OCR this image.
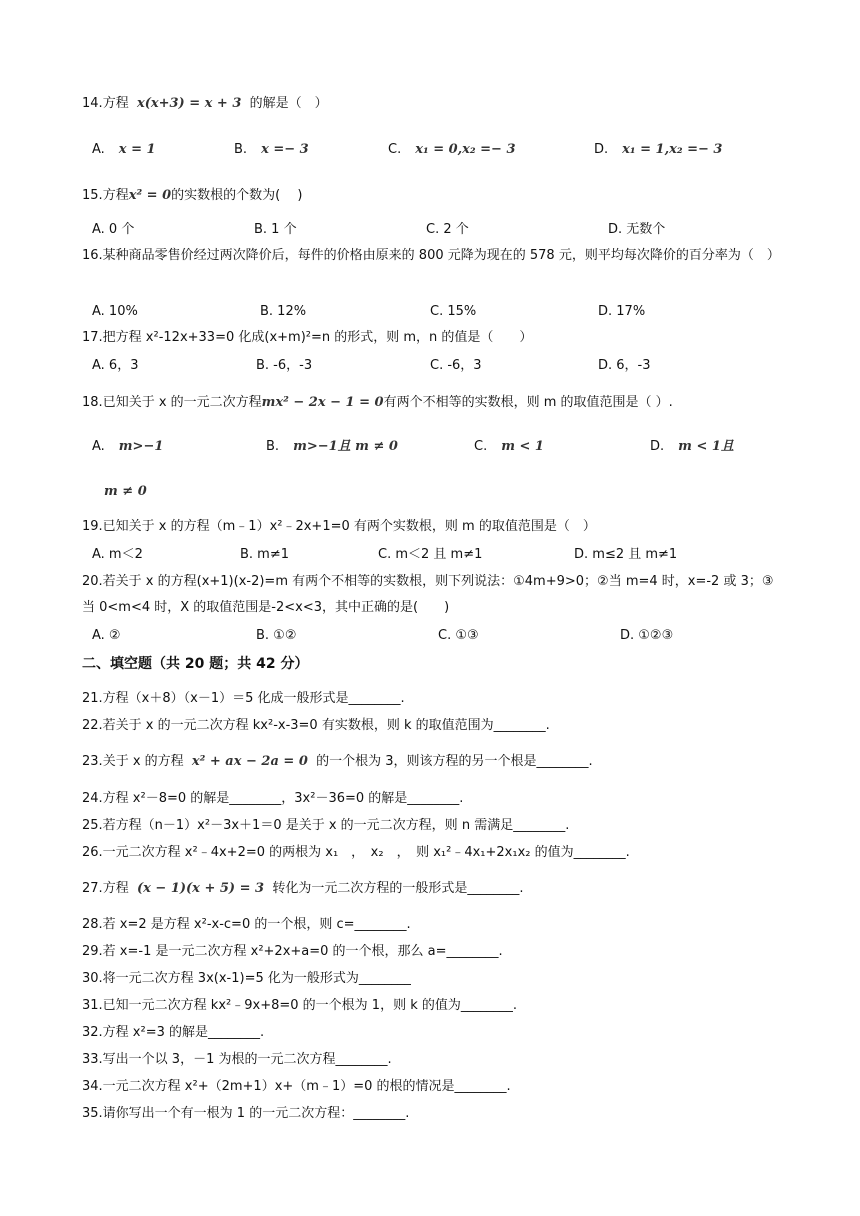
14.方程 x(x+3) = x + 3 的解是（　）
A. x = 1	B. x =− 3	C. x₁ = 0,x₂ =− 3	D. x₁ = 1,x₂ =− 3
15.方程x² = 0的实数根的个数为(　 )
A. 0 个	B. 1 个	C. 2 个	D. 无数个
16.某种商品零售价经过两次降价后，每件的价格由原来的 800 元降为现在的 578 元，则平均每次降价的百分率为（　）
A. 10%	B. 12%	C. 15%	D. 17%
17.把方程 x²-12x+33=0 化成(x+m)²=n 的形式，则 m，n 的值是（　　）
A. 6，3	B. -6，-3	C. -6，3	D. 6，-3
18.已知关于 x 的一元二次方程mx² − 2x − 1 = 0有两个不相等的实数根，则 m 的取值范围是（ ）.
A. m>−1	B. m>−1且 m ≠ 0	C. m < 1	D. m < 1且
m ≠ 0
19.已知关于 x 的方程（m﹣1）x²﹣2x+1=0 有两个实数根，则 m 的取值范围是（　）
A. m＜2	B. m≠1	C. m＜2 且 m≠1	D. m≤2 且 m≠1
20.若关于 x 的方程(x+1)(x-2)=m 有两个不相等的实数根，则下列说法：①4m+9>0；②当 m=4 时，x=-2 或 3；③当 0<m<4 时，X 的取值范围是-2<x<3，其中正确的是(　　)
A. ②	B. ①②	C. ①③	D. ①②③
二、填空题（共 20 题；共 42 分）
21.方程（x＋8）（x－1）＝5 化成一般形式是________.
22.若关于 x 的一元二次方程 kx²-x-3=0 有实数根，则 k 的取值范围为________.
23.关于 x 的方程 x² + ax − 2a = 0 的一个根为 3，则该方程的另一个根是________.
24.方程 x²－8=0 的解是________，3x²－36=0 的解是________.
25.若方程（n－1）x²－3x＋1＝0 是关于 x 的一元二次方程，则 n 需满足________.
26.一元二次方程 x²﹣4x+2=0 的两根为 x₁　，　x₂　，　则 x₁²﹣4x₁+2x₁x₂ 的值为________.
27.方程 (x − 1)(x + 5) = 3 转化为一元二次方程的一般形式是________.
28.若 x=2 是方程 x²-x-c=0 的一个根，则 c=________.
29.若 x=-1 是一元二次方程 x²+2x+a=0 的一个根，那么 a=________.
30.将一元二次方程 3x(x-1)=5 化为一般形式为________
31.已知一元二次方程 kx²﹣9x+8=0 的一个根为 1，则 k 的值为________.
32.方程 x²=3 的解是________.
33.写出一个以 3，－1 为根的一元二次方程________.
34.一元二次方程 x²+（2m+1）x+（m﹣1）=0 的根的情况是________.
35.请你写出一个有一根为 1 的一元二次方程：________.
